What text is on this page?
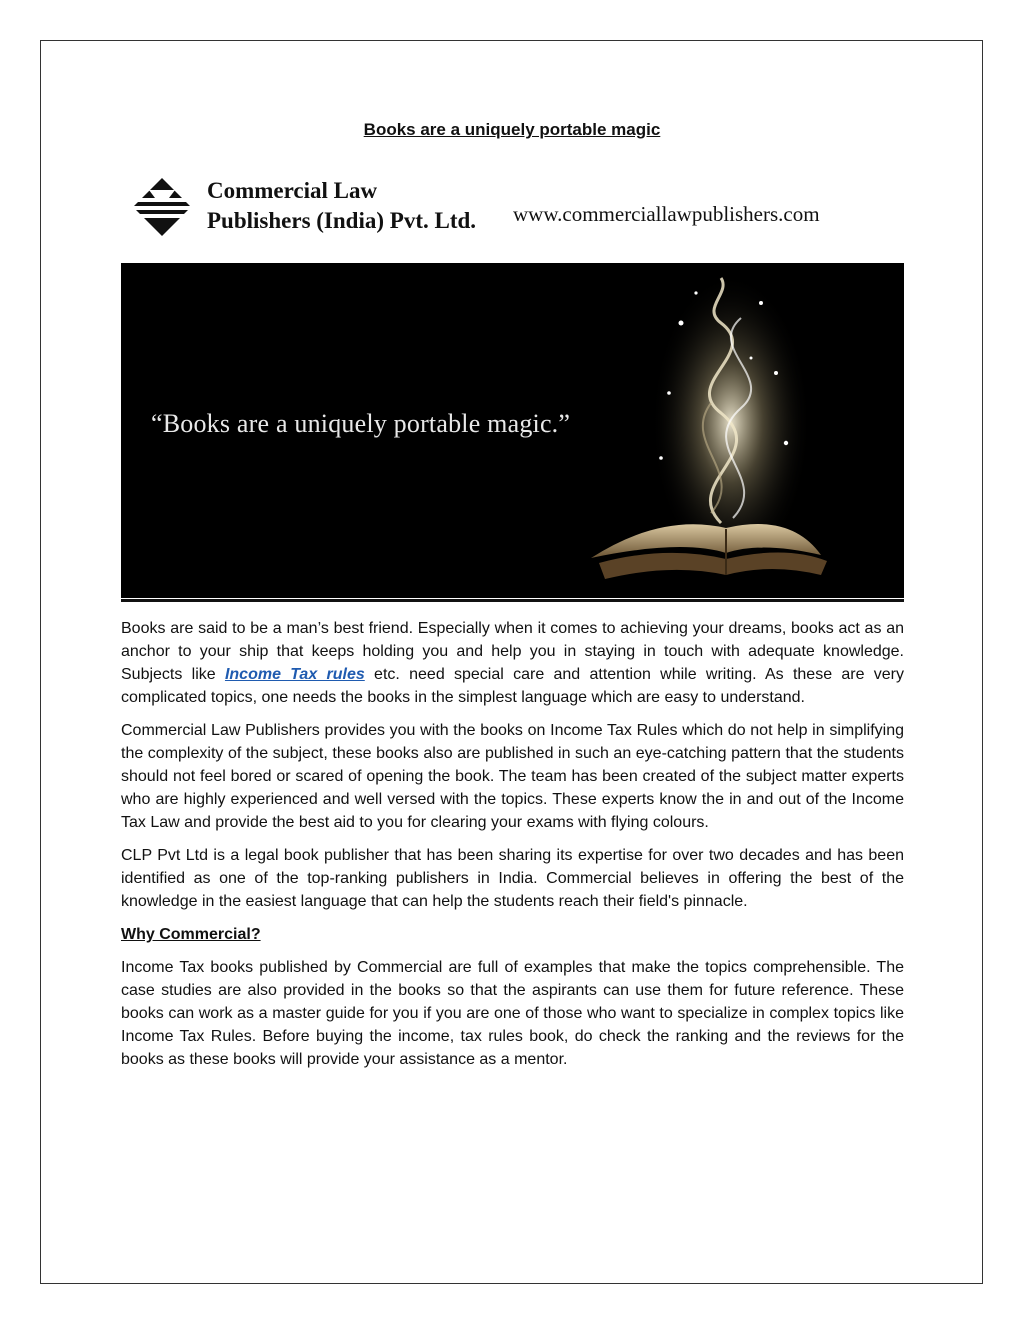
Books are a uniquely portable magic
Commercial Law
Publishers (India) Pvt. Ltd. www.commerciallawpublishers.com
“Books are a uniquely portable magic.”

Books are said to be a man’s best friend. Especially when it comes to achieving your dreams, books act as an anchor to your ship that keeps holding you and help you in staying in touch with adequate knowledge. Subjects like Income Tax rules etc. need special care and attention while writing. As these are very complicated topics, one needs the books in the simplest language which are easy to understand.

Commercial Law Publishers provides you with the books on Income Tax Rules which do not help in simplifying the complexity of the subject, these books also are published in such an eye-catching pattern that the students should not feel bored or scared of opening the book. The team has been created of the subject matter experts who are highly experienced and well versed with the topics. These experts know the in and out of the Income Tax Law and provide the best aid to you for clearing your exams with flying colours.

CLP Pvt Ltd is a legal book publisher that has been sharing its expertise for over two decades and has been identified as one of the top-ranking publishers in India. Commercial believes in offering the best of the knowledge in the easiest language that can help the students reach their field's pinnacle.

Why Commercial?

Income Tax books published by Commercial are full of examples that make the topics comprehensible. The case studies are also provided in the books so that the aspirants can use them for future reference. These books can work as a master guide for you if you are one of those who want to specialize in complex topics like Income Tax Rules. Before buying the income, tax rules book, do check the ranking and the reviews for the books as these books will provide your assistance as a mentor.
